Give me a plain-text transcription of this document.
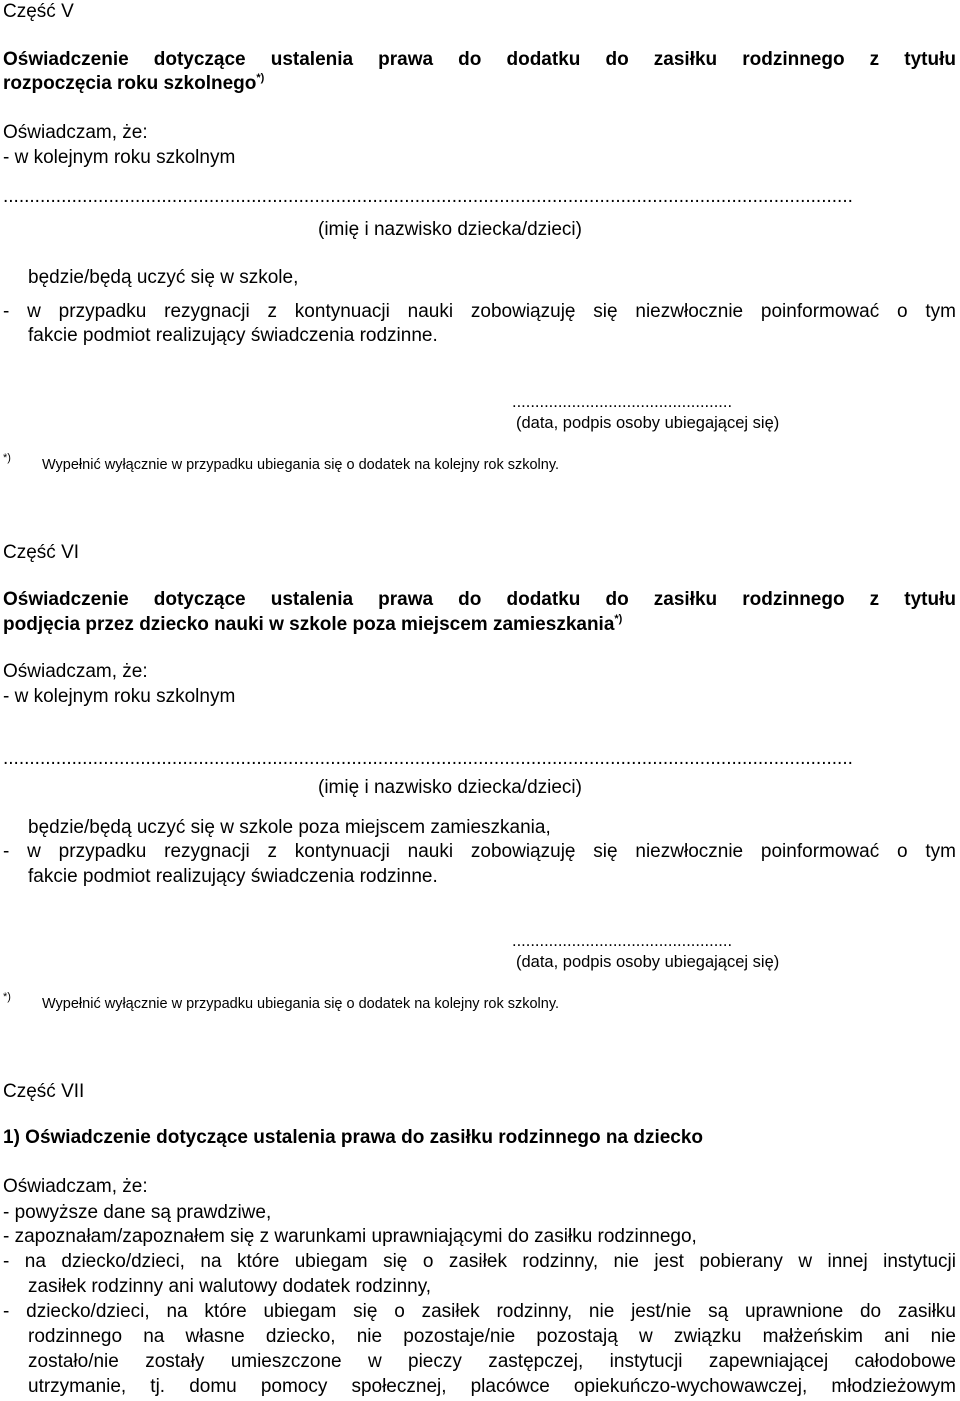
Część V
Oświadczenie dotyczące ustalenia prawa do dodatku do zasiłku rodzinnego z tytułu
rozpoczęcia roku szkolnego*)
Oświadczam, że:
- w kolejnym roku szkolnym
.................................................................................................................................................................
(imię i nazwisko dziecka/dzieci)
będzie/będą uczyć się w szkole,
- w przypadku rezygnacji z kontynuacji nauki zobowiązuję się niezwłocznie poinformować o tym
fakcie podmiot realizujący świadczenia rodzinne.
................................................
(data, podpis osoby ubiegającej się)
*) Wypełnić wyłącznie w przypadku ubiegania się o dodatek na kolejny rok szkolny.
Część VI
Oświadczenie dotyczące ustalenia prawa do dodatku do zasiłku rodzinnego z tytułu
podjęcia przez dziecko nauki w szkole poza miejscem zamieszkania*)
Oświadczam, że:
- w kolejnym roku szkolnym
.................................................................................................................................................................
(imię i nazwisko dziecka/dzieci)
będzie/będą uczyć się w szkole poza miejscem zamieszkania,
- w przypadku rezygnacji z kontynuacji nauki zobowiązuję się niezwłocznie poinformować o tym
fakcie podmiot realizujący świadczenia rodzinne.
................................................
(data, podpis osoby ubiegającej się)
*) Wypełnić wyłącznie w przypadku ubiegania się o dodatek na kolejny rok szkolny.
Część VII
1) Oświadczenie dotyczące ustalenia prawa do zasiłku rodzinnego na dziecko
Oświadczam, że:
- powyższe dane są prawdziwe,
- zapoznałam/zapoznałem się z warunkami uprawniającymi do zasiłku rodzinnego,
- na dziecko/dzieci, na które ubiegam się o zasiłek rodzinny, nie jest pobierany w innej instytucji
zasiłek rodzinny ani walutowy dodatek rodzinny,
- dziecko/dzieci, na które ubiegam się o zasiłek rodzinny, nie jest/nie są uprawnione do zasiłku
rodzinnego na własne dziecko, nie pozostaje/nie pozostają w związku małżeńskim ani nie
zostało/nie zostały umieszczone w pieczy zastępczej, instytucji zapewniającej całodobowe
utrzymanie, tj. domu pomocy społecznej, placówce opiekuńczo-wychowawczej, młodzieżowym
